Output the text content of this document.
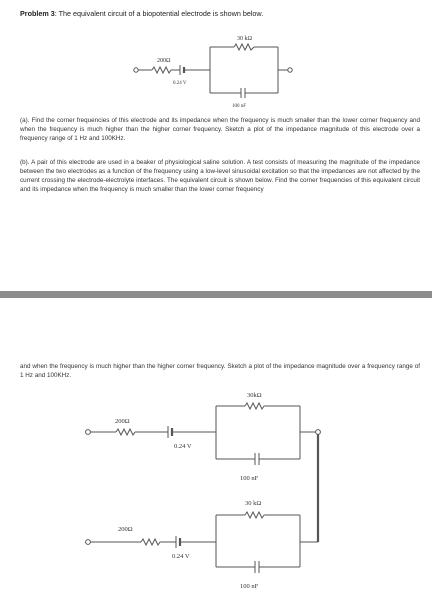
Problem 3: The equivalent circuit of a biopotential electrode is shown below.
200Ω
30 kΩ
0.24 V
100 nF
(a). Find the corner frequencies of this electrode and its impedance when the frequency is much smaller than the lower corner frequency and when the frequency is much higher than the higher corner frequency. Sketch a plot of the impedance magnitude of this electrode over a frequency range of 1 Hz and 100KHz.
(b). A pair of this electrode are used in a beaker of physiological saline solution. A test consists of measuring the magnitude of the impedance between the two electrodes as a function of the frequency using a low-level sinusoidal excitation so that the impedances are not affected by the current crossing the electrode-electrolyte interfaces. The equivalent circuit is shown below. Find the corner frequencies of this equivalent circuit and its impedance when the frequency is much smaller than the lower corner frequency
and when the frequency is much higher than the higher corner frequency. Sketch a plot of the impedance magnitude over a frequency range of 1 Hz and 100KHz.
200Ω
30kΩ
0.24 V
100 nF
200Ω
30 kΩ
0.24 V
100 nF
